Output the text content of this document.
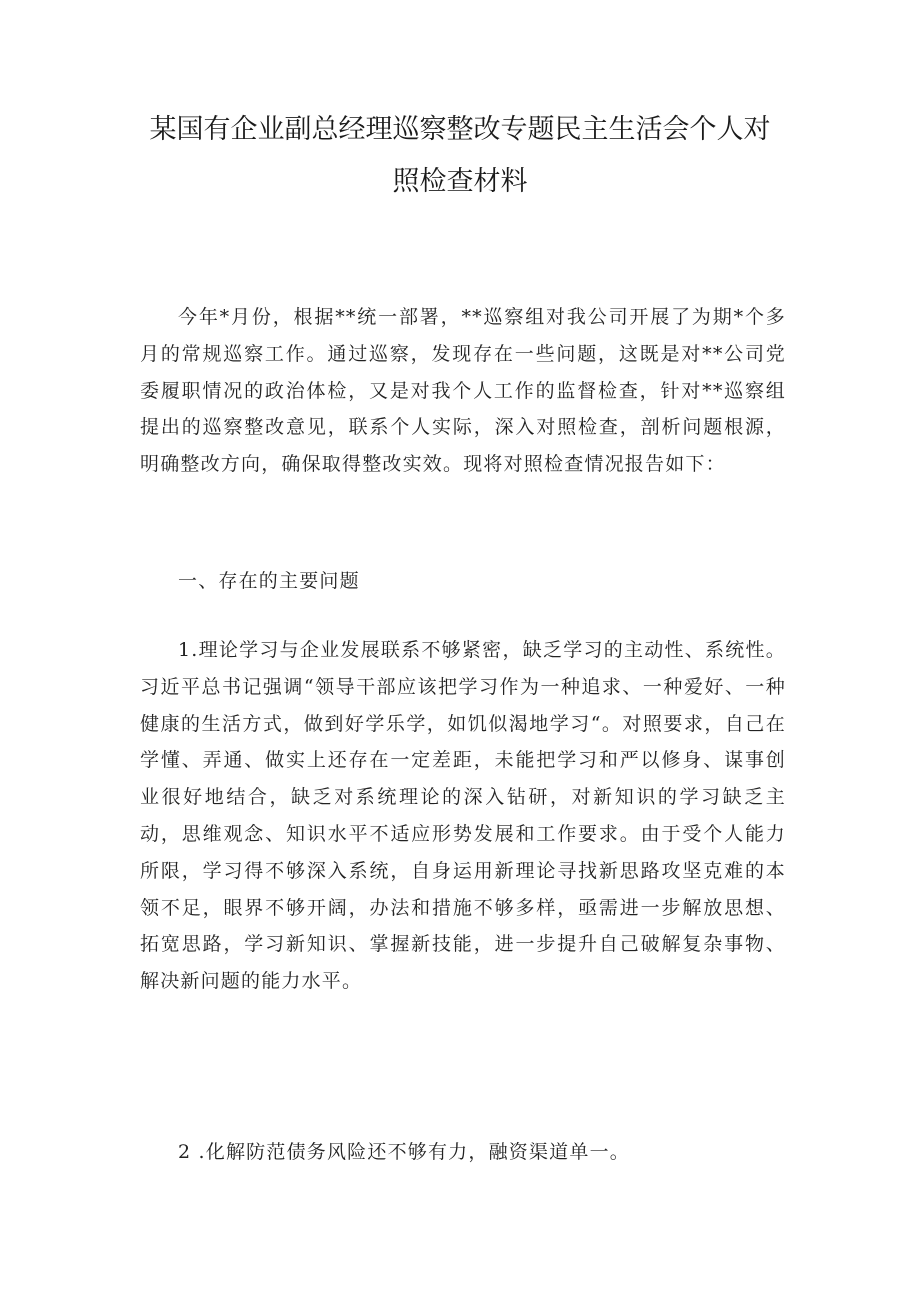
某国有企业副总经理巡察整改专题民主生活会个人对
照检查材料

今年*月份，根据**统一部署，**巡察组对我公司开展了为期*个多月的常规巡察工作。通过巡察，发现存在一些问题，这既是对**公司党委履职情况的政治体检，又是对我个人工作的监督检查，针对**巡察组提出的巡察整改意见，联系个人实际，深入对照检查，剖析问题根源，明确整改方向，确保取得整改实效。现将对照检查情况报告如下：

一、存在的主要问题

1.理论学习与企业发展联系不够紧密，缺乏学习的主动性、系统性。习近平总书记强调“领导干部应该把学习作为一种追求、一种爱好、一种健康的生活方式，做到好学乐学，如饥似渴地学习“。对照要求，自己在学懂、弄通、做实上还存在一定差距，未能把学习和严以修身、谋事创业很好地结合，缺乏对系统理论的深入钻研，对新知识的学习缺乏主动，思维观念、知识水平不适应形势发展和工作要求。由于受个人能力所限，学习得不够深入系统，自身运用新理论寻找新思路攻坚克难的本领不足，眼界不够开阔，办法和措施不够多样，亟需进一步解放思想、拓宽思路，学习新知识、掌握新技能，进一步提升自己破解复杂事物、解决新问题的能力水平。

2 .化解防范债务风险还不够有力，融资渠道单一。
